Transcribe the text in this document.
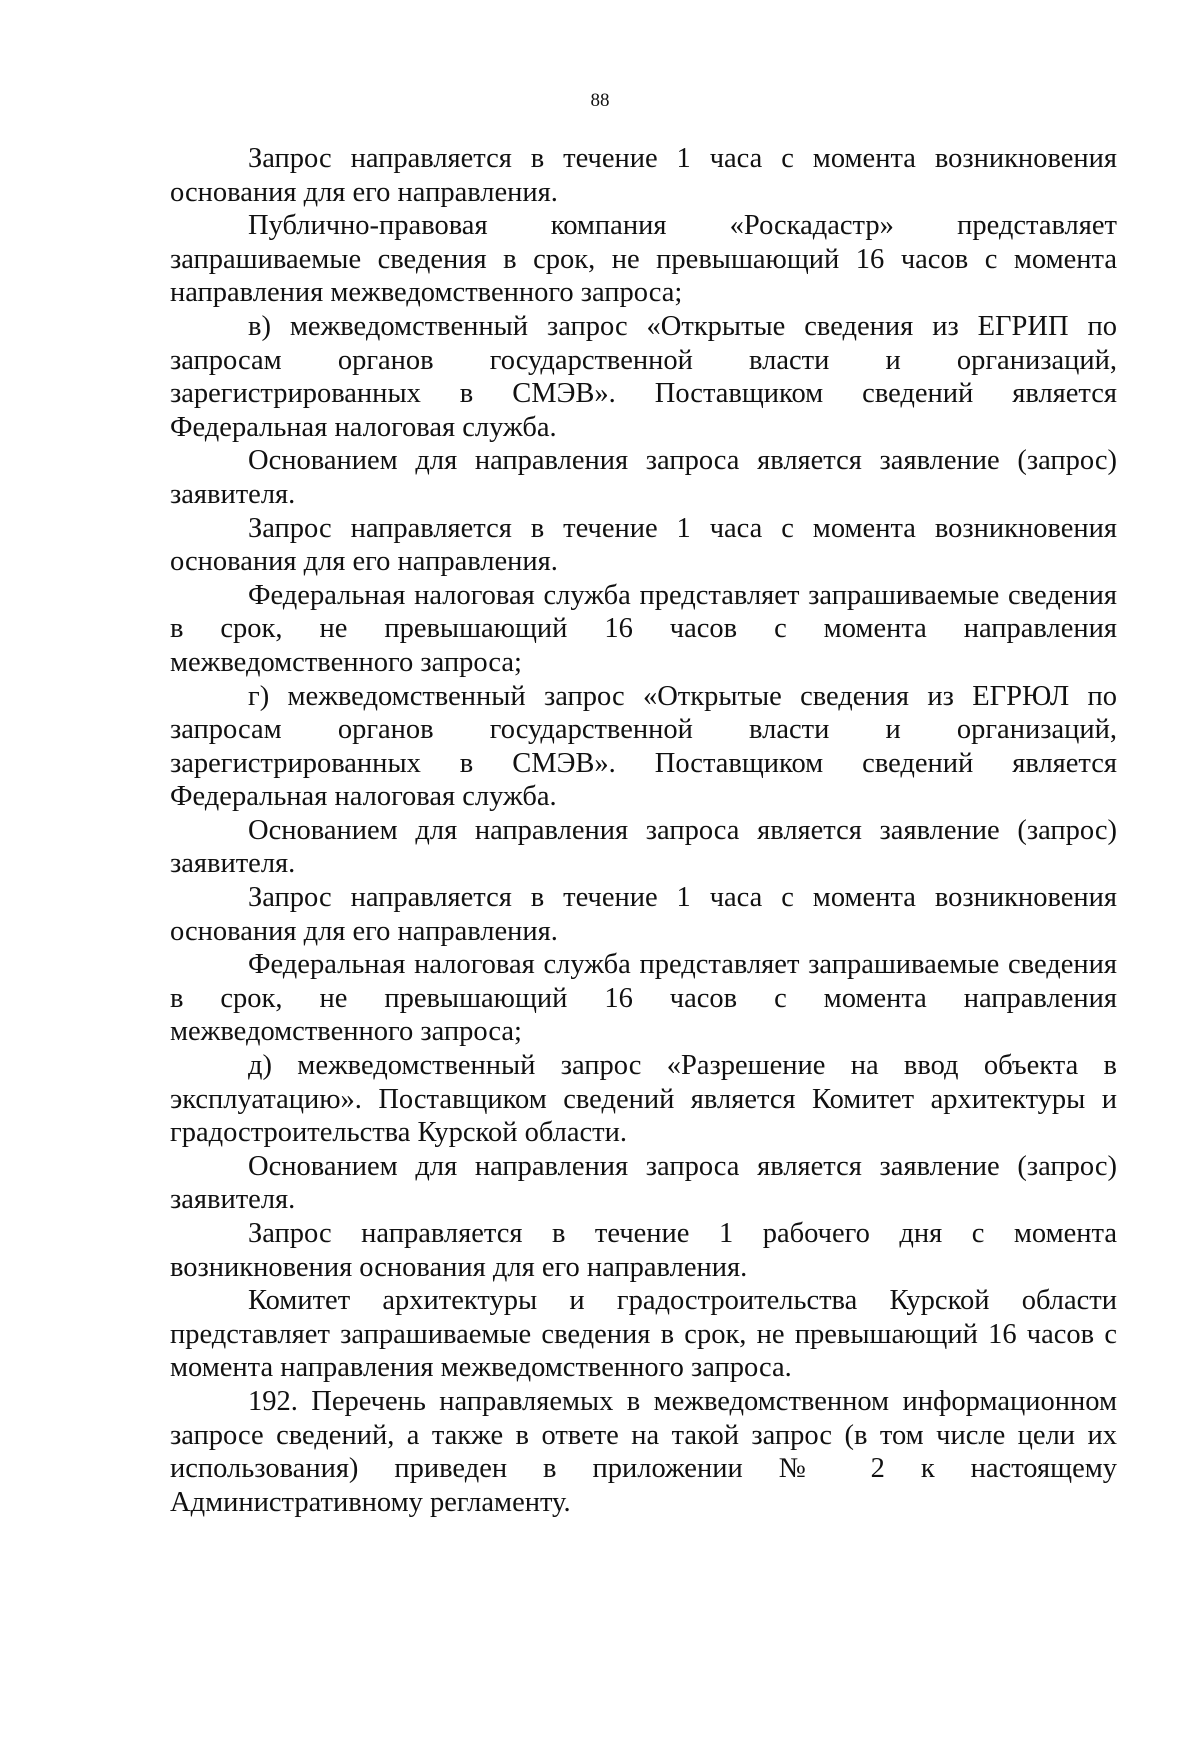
88

Запрос направляется в течение 1 часа с момента возникновения основания для его направления.

Публично-правовая компания «Роскадастр» представляет запрашиваемые сведения в срок, не превышающий 16 часов с момента направления межведомственного запроса;

в) межведомственный запрос «Открытые сведения из ЕГРИП по запросам органов государственной власти и организаций, зарегистрированных в СМЭВ». Поставщиком сведений является Федеральная налоговая служба.

Основанием для направления запроса является заявление (запрос) заявителя.

Запрос направляется в течение 1 часа с момента возникновения основания для его направления.

Федеральная налоговая служба представляет запрашиваемые сведения в срок, не превышающий 16 часов с момента направления межведомственного запроса;

г) межведомственный запрос «Открытые сведения из ЕГРЮЛ по запросам органов государственной власти и организаций, зарегистрированных в СМЭВ». Поставщиком сведений является Федеральная налоговая служба.

Основанием для направления запроса является заявление (запрос) заявителя.

Запрос направляется в течение 1 часа с момента возникновения основания для его направления.

Федеральная налоговая служба представляет запрашиваемые сведения в срок, не превышающий 16 часов с момента направления межведомственного запроса;

д) межведомственный запрос «Разрешение на ввод объекта в эксплуатацию». Поставщиком сведений является Комитет архитектуры и градостроительства Курской области.

Основанием для направления запроса является заявление (запрос) заявителя.

Запрос направляется в течение 1 рабочего дня с момента возникновения основания для его направления.

Комитет архитектуры и градостроительства Курской области представляет запрашиваемые сведения в срок, не превышающий 16 часов с момента направления межведомственного запроса.

192. Перечень направляемых в межведомственном информационном запросе сведений, а также в ответе на такой запрос (в том числе цели их использования) приведен в приложении № 2 к настоящему Административному регламенту.
